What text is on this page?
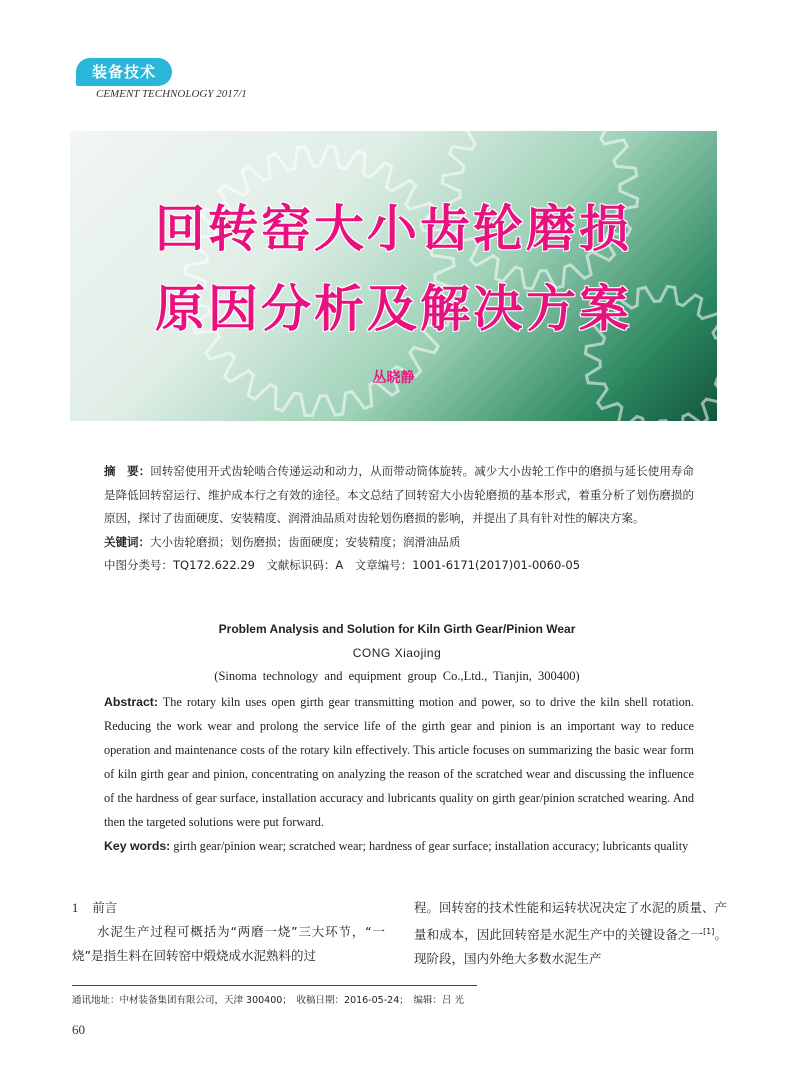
装备技术
CEMENT TECHNOLOGY 2017/1
回转窑大小齿轮磨损
原因分析及解决方案
丛晓静
摘　要：回转窑使用开式齿轮啮合传递运动和动力，从而带动筒体旋转。减少大小齿轮工作中的磨损与延长使用寿命是降低回转窑运行、维护成本行之有效的途径。本文总结了回转窑大小齿轮磨损的基本形式，着重分析了划伤磨损的原因，探讨了齿面硬度、安装精度、润滑油品质对齿轮划伤磨损的影响，并提出了具有针对性的解决方案。
关键词：大小齿轮磨损；划伤磨损；齿面硬度；安装精度；润滑油品质
中图分类号：TQ172.622.29　文献标识码：A　文章编号：1001-6171(2017)01-0060-05
Problem Analysis and Solution for Kiln Girth Gear/Pinion Wear
CONG Xiaojing
(Sinoma technology and equipment group Co.,Ltd., Tianjin, 300400)
Abstract: The rotary kiln uses open girth gear transmitting motion and power, so to drive the kiln shell rotation. Reducing the work wear and prolong the service life of the girth gear and pinion is an important way to reduce operation and maintenance costs of the rotary kiln effectively. This article focuses on summarizing the basic wear form of kiln girth gear and pinion, concentrating on analyzing the reason of the scratched wear and discussing the influence of the hardness of gear surface, installation accuracy and lubricants quality on girth gear/pinion scratched wearing. And then the targeted solutions were put forward.
Key words: girth gear/pinion wear; scratched wear; hardness of gear surface; installation accuracy; lubricants quality
1 前言
水泥生产过程可概括为“两磨一烧”三大环节，“一烧”是指生料在回转窑中煅烧成水泥熟料的过
程。回转窑的技术性能和运转状况决定了水泥的质量、产量和成本，因此回转窑是水泥生产中的关键设备之一[1]。现阶段，国内外绝大多数水泥生产
通讯地址：中材装备集团有限公司，天津 300400；　收稿日期：2016-05-24；　编辑：吕 光
60
